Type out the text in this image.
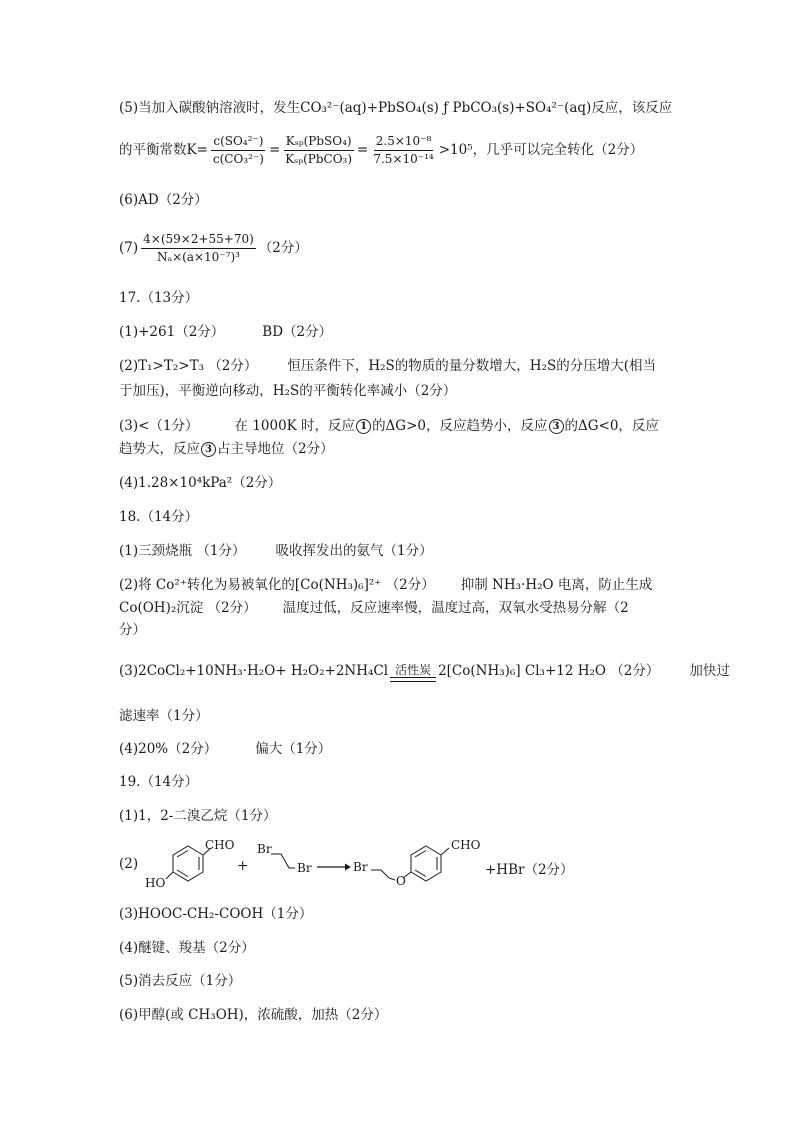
(5)当加入碳酸钠溶液时，发生CO₃²⁻(aq)+PbSO₄(s) ƒ PbCO₃(s)+SO₄²⁻(aq)反应，该反应
的平衡常数$K= \frac{\text{c(SO₄²⁻)}}{\text{c(CO₃²⁻)}} = \frac{\text{Kₛₚ(PbSO₄)}}{\text{Kₛₚ(PbCO₃)}} = \frac{\text{2.5×10⁻⁸}}{\text{7.5×10⁻¹⁴}} >10^5$，几乎可以完全转化（2分）
(6)AD（2分）
$(7) \frac{4\times(59\times 2+55+70)}{\text{Nₐ×(a×10⁻⁷)³}} (2$分）
17.（13分）
(1)+261（2分）	BD（2分）
(2)T₁>T₂>T₃ （2分） 恒压条件下，H₂S的物质的量分数增大，H₂S的分压增大(相当
于加压)，平衡逆向移动，H₂S的平衡转化率减小（2分）
(3)<（1分）	在 1000K 时，反应 1 的ΔG>0，反应趋势小，反应 3 的ΔG<0，反应
趋势大，反应 3 占主导地位（2分）
(4)1.28×10⁴kPa²（2分）
18.（14分）
(1)三颈烧瓶 （1分） 吸收挥发出的氨气（1分）
(2)将 Co²⁺转化为易被氧化的[Co(NH₃)₆]²⁺ （2分） 抑制 NH₃·H₂O 电离，防止生成
Co(OH)₂沉淀 （2分） 温度过低，反应速率慢，温度过高，双氧水受热易分解（2
分）
(3)2CoCl₂+10NH₃·H₂O+ H₂O₂+2NH₄Cl 活性炭 2[Co(NH₃)₆] Cl₃+12 H₂O （2分） 加快过
滤速率（1分）
(4)20%（2分）	偏大（1分）
19.（14分）
(1)1，2-二溴乙烷（1分）
(2)
CHO
HO
+
Br
Br → Br
O
CHO
+HBr（2分）
(3)HOOC-CH₂-COOH（1分）
(4)醚键、羧基（2分）
(5)消去反应（1分）
(6)甲醇(或 CH₃OH)，浓硫酸，加热（2分）
